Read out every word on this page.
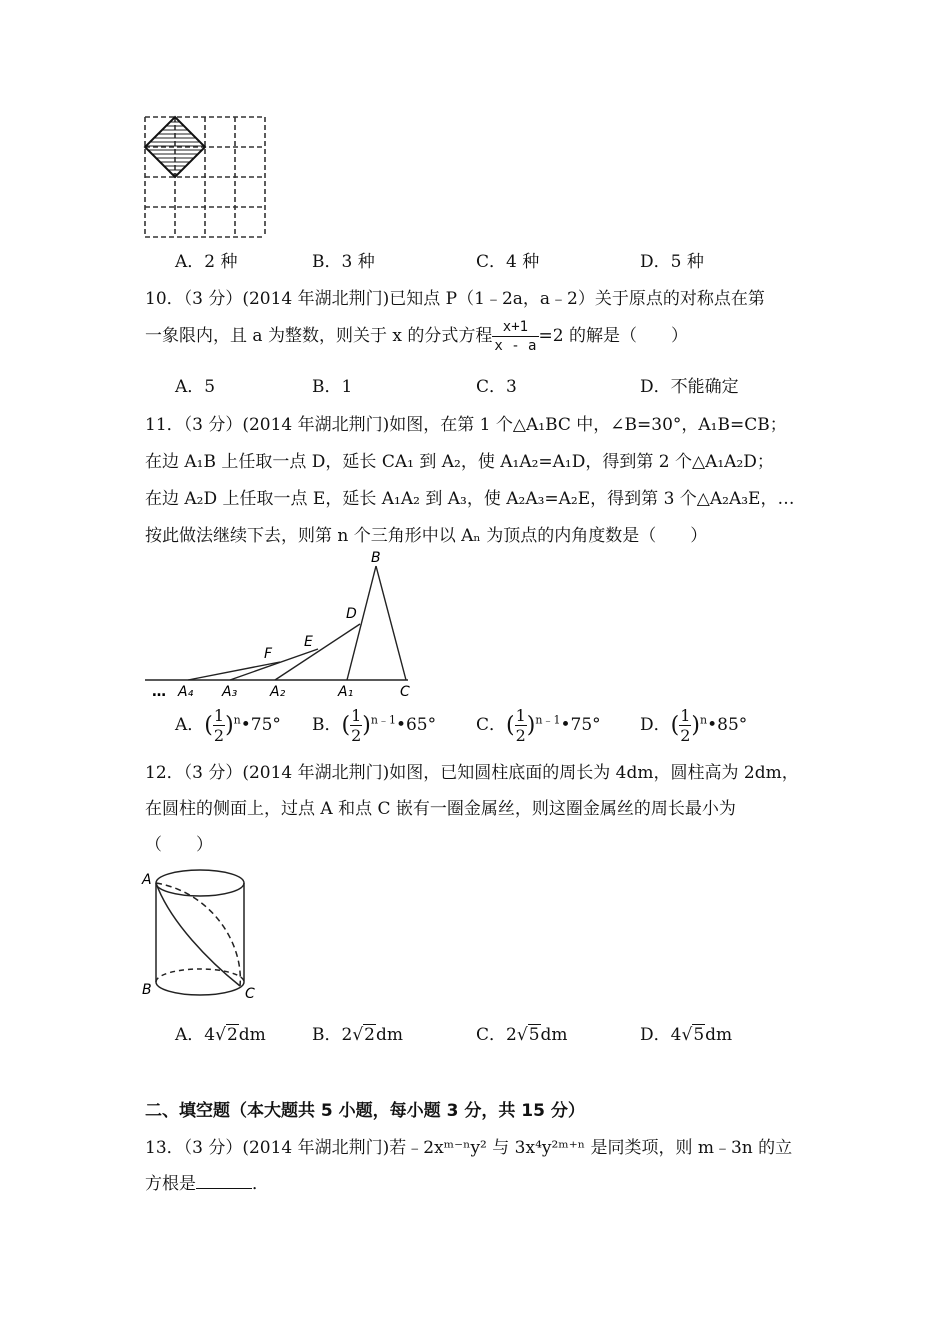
A．2 种	B．3 种	C．4 种	D．5 种
10．（3 分）(2014 年湖北荆门)已知点 P（1﹣2a，a﹣2）关于原点的对称点在第
一象限内，且 a 为整数，则关于 x 的分式方程 $\frac{x+1}{x - a} =2$ 的解是（　　）
A．5	B．1	C．3	D．不能确定
11．（3 分）(2014 年湖北荆门)如图，在第 1 个△A₁BC 中，∠B=30°，A₁B=CB；
在边 A₁B 上任取一点 D，延长 CA₁ 到 A₂，使 A₁A₂=A₁D，得到第 2 个△A₁A₂D；
在边 A₂D 上任取一点 E，延长 A₁A₂ 到 A₃，使 A₂A₃=A₂E，得到第 3 个△A₂A₃E，…
按此做法继续下去，则第 n 个三角形中以 Aₙ 为顶点的内角度数是（　　）
B
D
E
F
… A₄ A₃ A₂	A₁	C
A．( $\frac{1}{2}$ )$^n$•75° B．( $\frac{1}{2}$ )$^{n﹣1}$•65° C．( $\frac{1}{2}$ )$^{n﹣1}$•75° D．( $\frac{1}{2}$ )$^n$•85°
12．（3 分）(2014 年湖北荆门)如图，已知圆柱底面的周长为 4dm，圆柱高为 2dm，
在圆柱的侧面上，过点 A 和点 C 嵌有一圈金属丝，则这圈金属丝的周长最小为
（　　）
A
B	C
A．4√2dm	B．2√2dm	C．2√5dm	D．4√5dm
二、填空题（本大题共 5 小题，每小题 3 分，共 15 分）
13．（3 分）(2014 年湖北荆门)若﹣2xᵐ⁻ⁿy² 与 3x⁴y²ᵐ⁺ⁿ 是同类项，则 m﹣3n 的立
方根是	．
